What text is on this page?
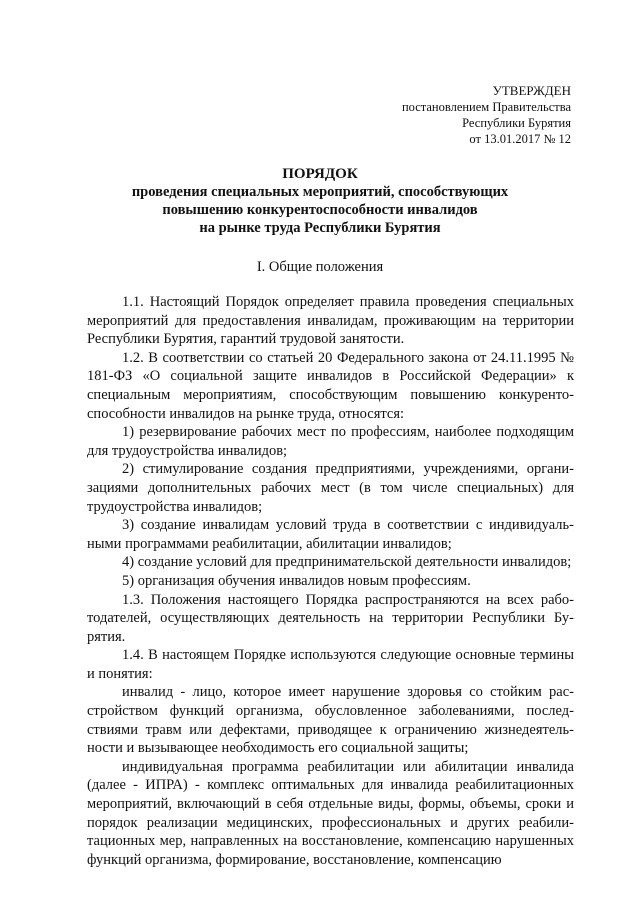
УТВЕРЖДЕН
постановлением Правительства
Республики Бурятия
от 13.01.2017 № 12
ПОРЯДОК
проведения специальных мероприятий, способствующих
повышению конкурентоспособности инвалидов
на рынке труда Республики Бурятия
I. Общие положения

1.1. Настоящий Порядок определяет правила проведения специальных мероприятий для предоставления инвалидам, проживающим на территории Республики Бурятия, гарантий трудовой занятости.

1.2. В соответствии со статьей 20 Федерального закона от 24.11.1995 № 181-ФЗ «О социальной защите инвалидов в Российской Федерации» к специальным мероприятиям, способствующим повышению конкурентоспособности инвалидов на рынке труда, относятся:

1) резервирование рабочих мест по профессиям, наиболее подходящим для трудоустройства инвалидов;

2) стимулирование создания предприятиями, учреждениями, организациями дополнительных рабочих мест (в том числе специальных) для трудоустройства инвалидов;

3) создание инвалидам условий труда в соответствии с индивидуальными программами реабилитации, абилитации инвалидов;

4) создание условий для предпринимательской деятельности инвалидов;

5) организация обучения инвалидов новым профессиям.

1.3. Положения настоящего Порядка распространяются на всех работодателей, осуществляющих деятельность на территории Республики Бурятия.

1.4. В настоящем Порядке используются следующие основные термины и понятия:

инвалид - лицо, которое имеет нарушение здоровья со стойким расстройством функций организма, обусловленное заболеваниями, последствиями травм или дефектами, приводящее к ограничению жизнедеятельности и вызывающее необходимость его социальной защиты;

индивидуальная программа реабилитации или абилитации инвалида (далее - ИПРА) - комплекс оптимальных для инвалида реабилитационных мероприятий, включающий в себя отдельные виды, формы, объемы, сроки и порядок реализации медицинских, профессиональных и других реабилитационных мер, направленных на восстановление, компенсацию нарушенных функций организма, формирование, восстановление, компенсацию
